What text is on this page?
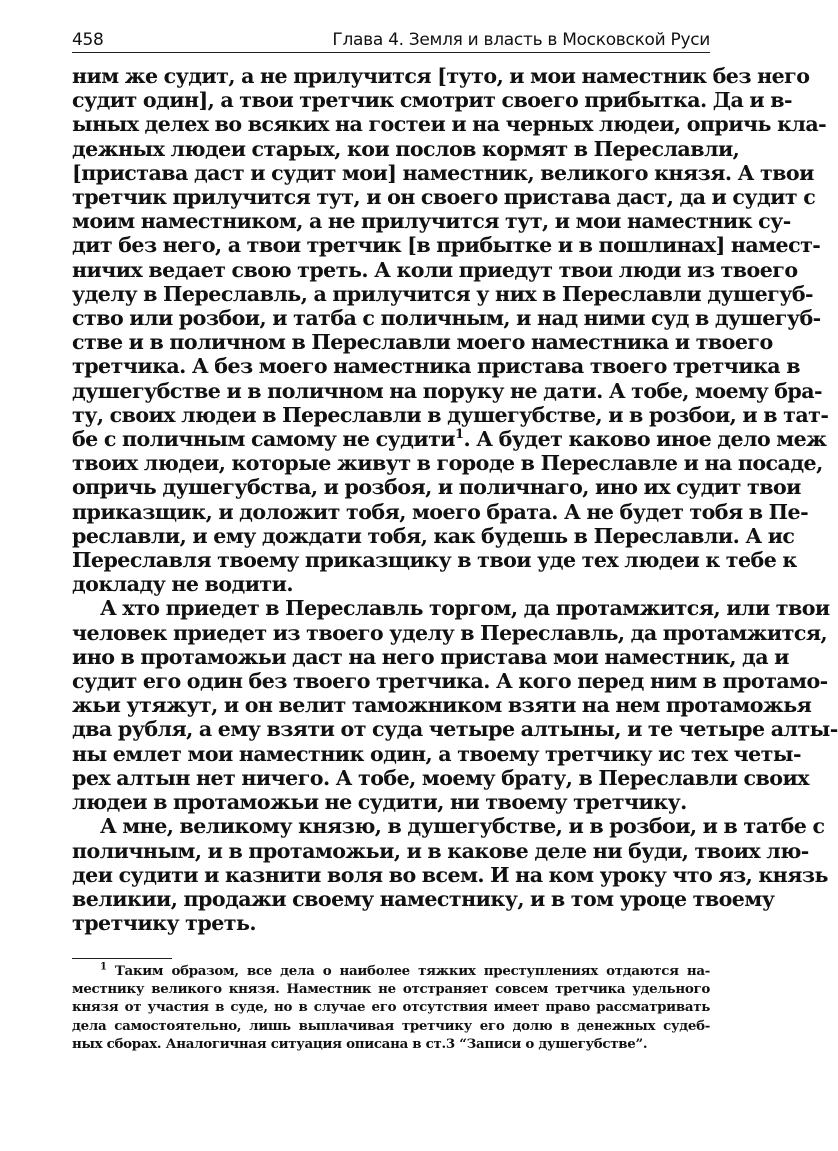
458	Глава 4. Земля и власть в Московской Руси

ним же судит, а не прилучится [туто, и мои наместник без него
судит один], а твои третчик смотрит своего прибытка. Да и в-
ыных делех во всяких на гостеи и на черных людеи, опричь кла-
дежных людеи старых, кои послов кормят в Переславли,
[пристава даст и судит мои] наместник, великого князя. А твои
третчик прилучится тут, и он своего пристава даст, да и судит с
моим наместником, а не прилучится тут, и мои наместник су-
дит без него, а твои третчик [в прибытке и в пошлинах] намест-
ничих ведает свою треть. А коли приедут твои люди из твоего
уделу в Переславль, а прилучится у них в Переславли душегуб-
ство или розбои, и татба с поличным, и над ними суд в душегуб-
стве и в поличном в Переславли моего наместника и твоего
третчика. А без моего наместника пристава твоего третчика в
душегубстве и в поличном на поруку не дати. А тобе, моему бра-
ту, своих людеи в Переславли в душегубстве, и в розбои, и в тат-
бе с поличным самому не судити$^1$. А будет каково иное дело меж
твоих людеи, которые живут в городе в Переславле и на посаде,
опричь душегубства, и розбоя, и поличнаго, ино их судит твои
приказщик, и доложит тобя, моего брата. А не будет тобя в Пе-
реславли, и ему дождати тобя, как будешь в Переславли. А ис
Переславля твоему приказщику в твои уде тех людеи к тебе к
докладу не водити.

А хто приедет в Переславль торгом, да протамжится, или твои
человек приедет из твоего уделу в Переславль, да протамжится,
ино в протаможьи даст на него пристава мои наместник, да и
судит его один без твоего третчика. А кого перед ним в протамо-
жьи утяжут, и он велит таможником взяти на нем протаможья
два рубля, а ему взяти от суда четыре алтыны, и те четыре алты-
ны емлет мои наместник один, а твоему третчику ис тех четы-
рех алтын нет ничего. А тобе, моему брату, в Переславли своих
людеи в протаможьи не судити, ни твоему третчику.

А мне, великому князю, в душегубстве, и в розбои, и в татбе с
поличным, и в протаможьи, и в какове деле ни буди, твоих лю-
деи судити и казнити воля во всем. И на ком уроку что яз, князь
великии, продажи своему наместнику, и в том уроце твоему
третчику треть.

$^1$ Таким образом, все дела о наиболее тяжких преступлениях отдаются на-
местнику великого князя. Наместник не отстраняет совсем третчика удельного
князя от участия в суде, но в случае его отсутствия имеет право рассматривать
дела самостоятельно, лишь выплачивая третчику его долю в денежных судеб-
ных сборах. Аналогичная ситуация описана в ст.3 “Записи о душегубстве”.
